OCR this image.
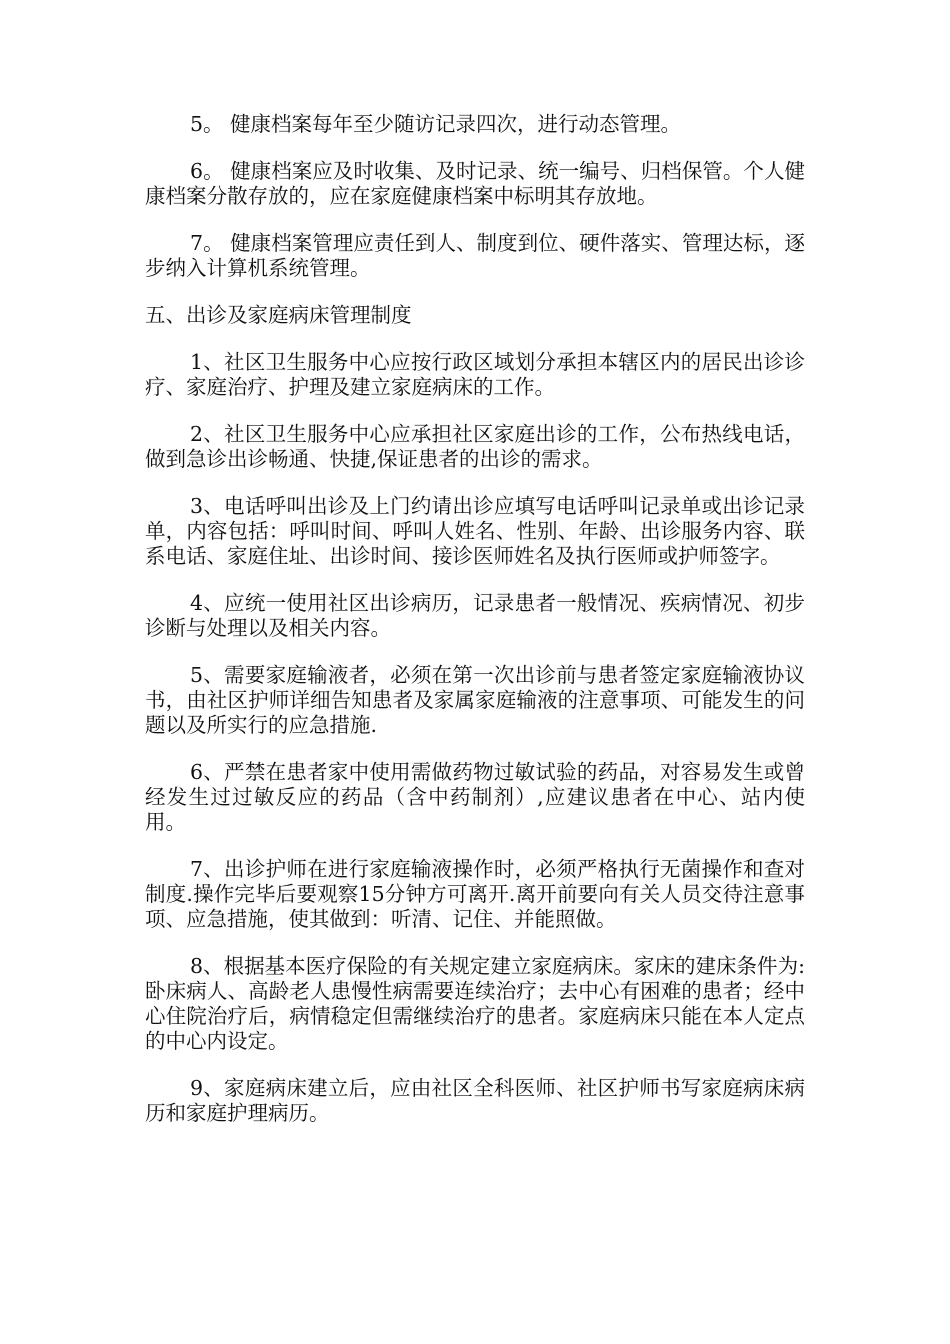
5。 健康档案每年至少随访记录四次，进行动态管理。

6。 健康档案应及时收集、及时记录、统一编号、归档保管。个人健康档案分散存放的，应在家庭健康档案中标明其存放地。

7。 健康档案管理应责任到人、制度到位、硬件落实、管理达标，逐步纳入计算机系统管理。

五、出诊及家庭病床管理制度

1、社区卫生服务中心应按行政区域划分承担本辖区内的居民出诊诊疗、家庭治疗、护理及建立家庭病床的工作。

2、社区卫生服务中心应承担社区家庭出诊的工作，公布热线电话，做到急诊出诊畅通、快捷,保证患者的出诊的需求。

3、电话呼叫出诊及上门约请出诊应填写电话呼叫记录单或出诊记录单，内容包括：呼叫时间、呼叫人姓名、性别、年龄、出诊服务内容、联系电话、家庭住址、出诊时间、接诊医师姓名及执行医师或护师签字。

4、应统一使用社区出诊病历，记录患者一般情况、疾病情况、初步诊断与处理以及相关内容。

5、需要家庭输液者，必须在第一次出诊前与患者签定家庭输液协议书，由社区护师详细告知患者及家属家庭输液的注意事项、可能发生的问题以及所实行的应急措施.

6、严禁在患者家中使用需做药物过敏试验的药品，对容易发生或曾经发生过过敏反应的药品（含中药制剂）,应建议患者在中心、站内使用。

7、出诊护师在进行家庭输液操作时，必须严格执行无菌操作和查对制度.操作完毕后要观察15分钟方可离开.离开前要向有关人员交待注意事项、应急措施，使其做到：听清、记住、并能照做。

8、根据基本医疗保险的有关规定建立家庭病床。家床的建床条件为:卧床病人、高龄老人患慢性病需要连续治疗；去中心有困难的患者；经中心住院治疗后，病情稳定但需继续治疗的患者。家庭病床只能在本人定点的中心内设定。

9、家庭病床建立后，应由社区全科医师、社区护师书写家庭病床病历和家庭护理病历。
